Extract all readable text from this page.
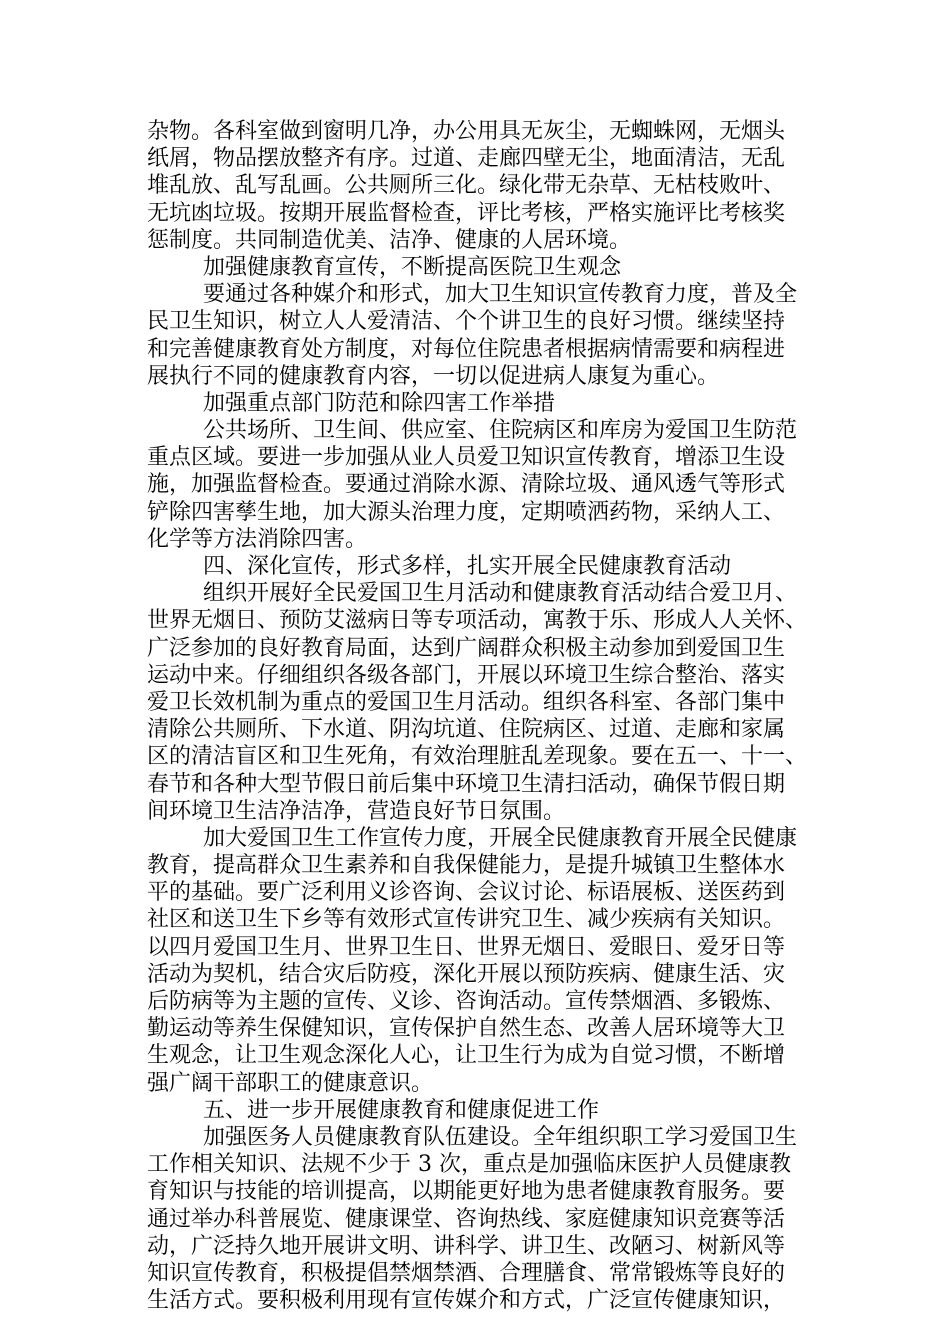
杂物。各科室做到窗明几净，办公用具无灰尘，无蜘蛛网，无烟头
纸屑，物品摆放整齐有序。过道、走廊四壁无尘，地面清洁，无乱
堆乱放、乱写乱画。公共厕所三化。绿化带无杂草、无枯枝败叶、
无坑凼垃圾。按期开展监督检查，评比考核，严格实施评比考核奖
惩制度。共同制造优美、洁净、健康的人居环境。
加强健康教育宣传，不断提高医院卫生观念
要通过各种媒介和形式，加大卫生知识宣传教育力度，普及全
民卫生知识，树立人人爱清洁、个个讲卫生的良好习惯。继续坚持
和完善健康教育处方制度，对每位住院患者根据病情需要和病程进
展执行不同的健康教育内容，一切以促进病人康复为重心。
加强重点部门防范和除四害工作举措
公共场所、卫生间、供应室、住院病区和库房为爱国卫生防范
重点区域。要进一步加强从业人员爱卫知识宣传教育，增添卫生设
施，加强监督检查。要通过消除水源、清除垃圾、通风透气等形式
铲除四害孳生地，加大源头治理力度，定期喷洒药物，采纳人工、
化学等方法消除四害。
四、深化宣传，形式多样，扎实开展全民健康教育活动
组织开展好全民爱国卫生月活动和健康教育活动结合爱卫月、
世界无烟日、预防艾滋病日等专项活动，寓教于乐、形成人人关怀、
广泛参加的良好教育局面，达到广阔群众积极主动参加到爱国卫生
运动中来。仔细组织各级各部门，开展以环境卫生综合整治、落实
爱卫长效机制为重点的爱国卫生月活动。组织各科室、各部门集中
清除公共厕所、下水道、阴沟坑道、住院病区、过道、走廊和家属
区的清洁盲区和卫生死角，有效治理脏乱差现象。要在五一、十一、
春节和各种大型节假日前后集中环境卫生清扫活动，确保节假日期
间环境卫生洁净洁净，营造良好节日氛围。
加大爱国卫生工作宣传力度，开展全民健康教育开展全民健康
教育，提高群众卫生素养和自我保健能力，是提升城镇卫生整体水
平的基础。要广泛利用义诊咨询、会议讨论、标语展板、送医药到
社区和送卫生下乡等有效形式宣传讲究卫生、减少疾病有关知识。
以四月爱国卫生月、世界卫生日、世界无烟日、爱眼日、爱牙日等
活动为契机，结合灾后防疫，深化开展以预防疾病、健康生活、灾
后防病等为主题的宣传、义诊、咨询活动。宣传禁烟酒、多锻炼、
勤运动等养生保健知识，宣传保护自然生态、改善人居环境等大卫
生观念，让卫生观念深化人心，让卫生行为成为自觉习惯，不断增
强广阔干部职工的健康意识。
五、进一步开展健康教育和健康促进工作
加强医务人员健康教育队伍建设。全年组织职工学习爱国卫生
工作相关知识、法规不少于 3 次，重点是加强临床医护人员健康教
育知识与技能的培训提高，以期能更好地为患者健康教育服务。要
通过举办科普展览、健康课堂、咨询热线、家庭健康知识竞赛等活
动，广泛持久地开展讲文明、讲科学、讲卫生、改陋习、树新风等
知识宣传教育，积极提倡禁烟禁酒、合理膳食、常常锻炼等良好的
生活方式。要积极利用现有宣传媒介和方式，广泛宣传健康知识，
